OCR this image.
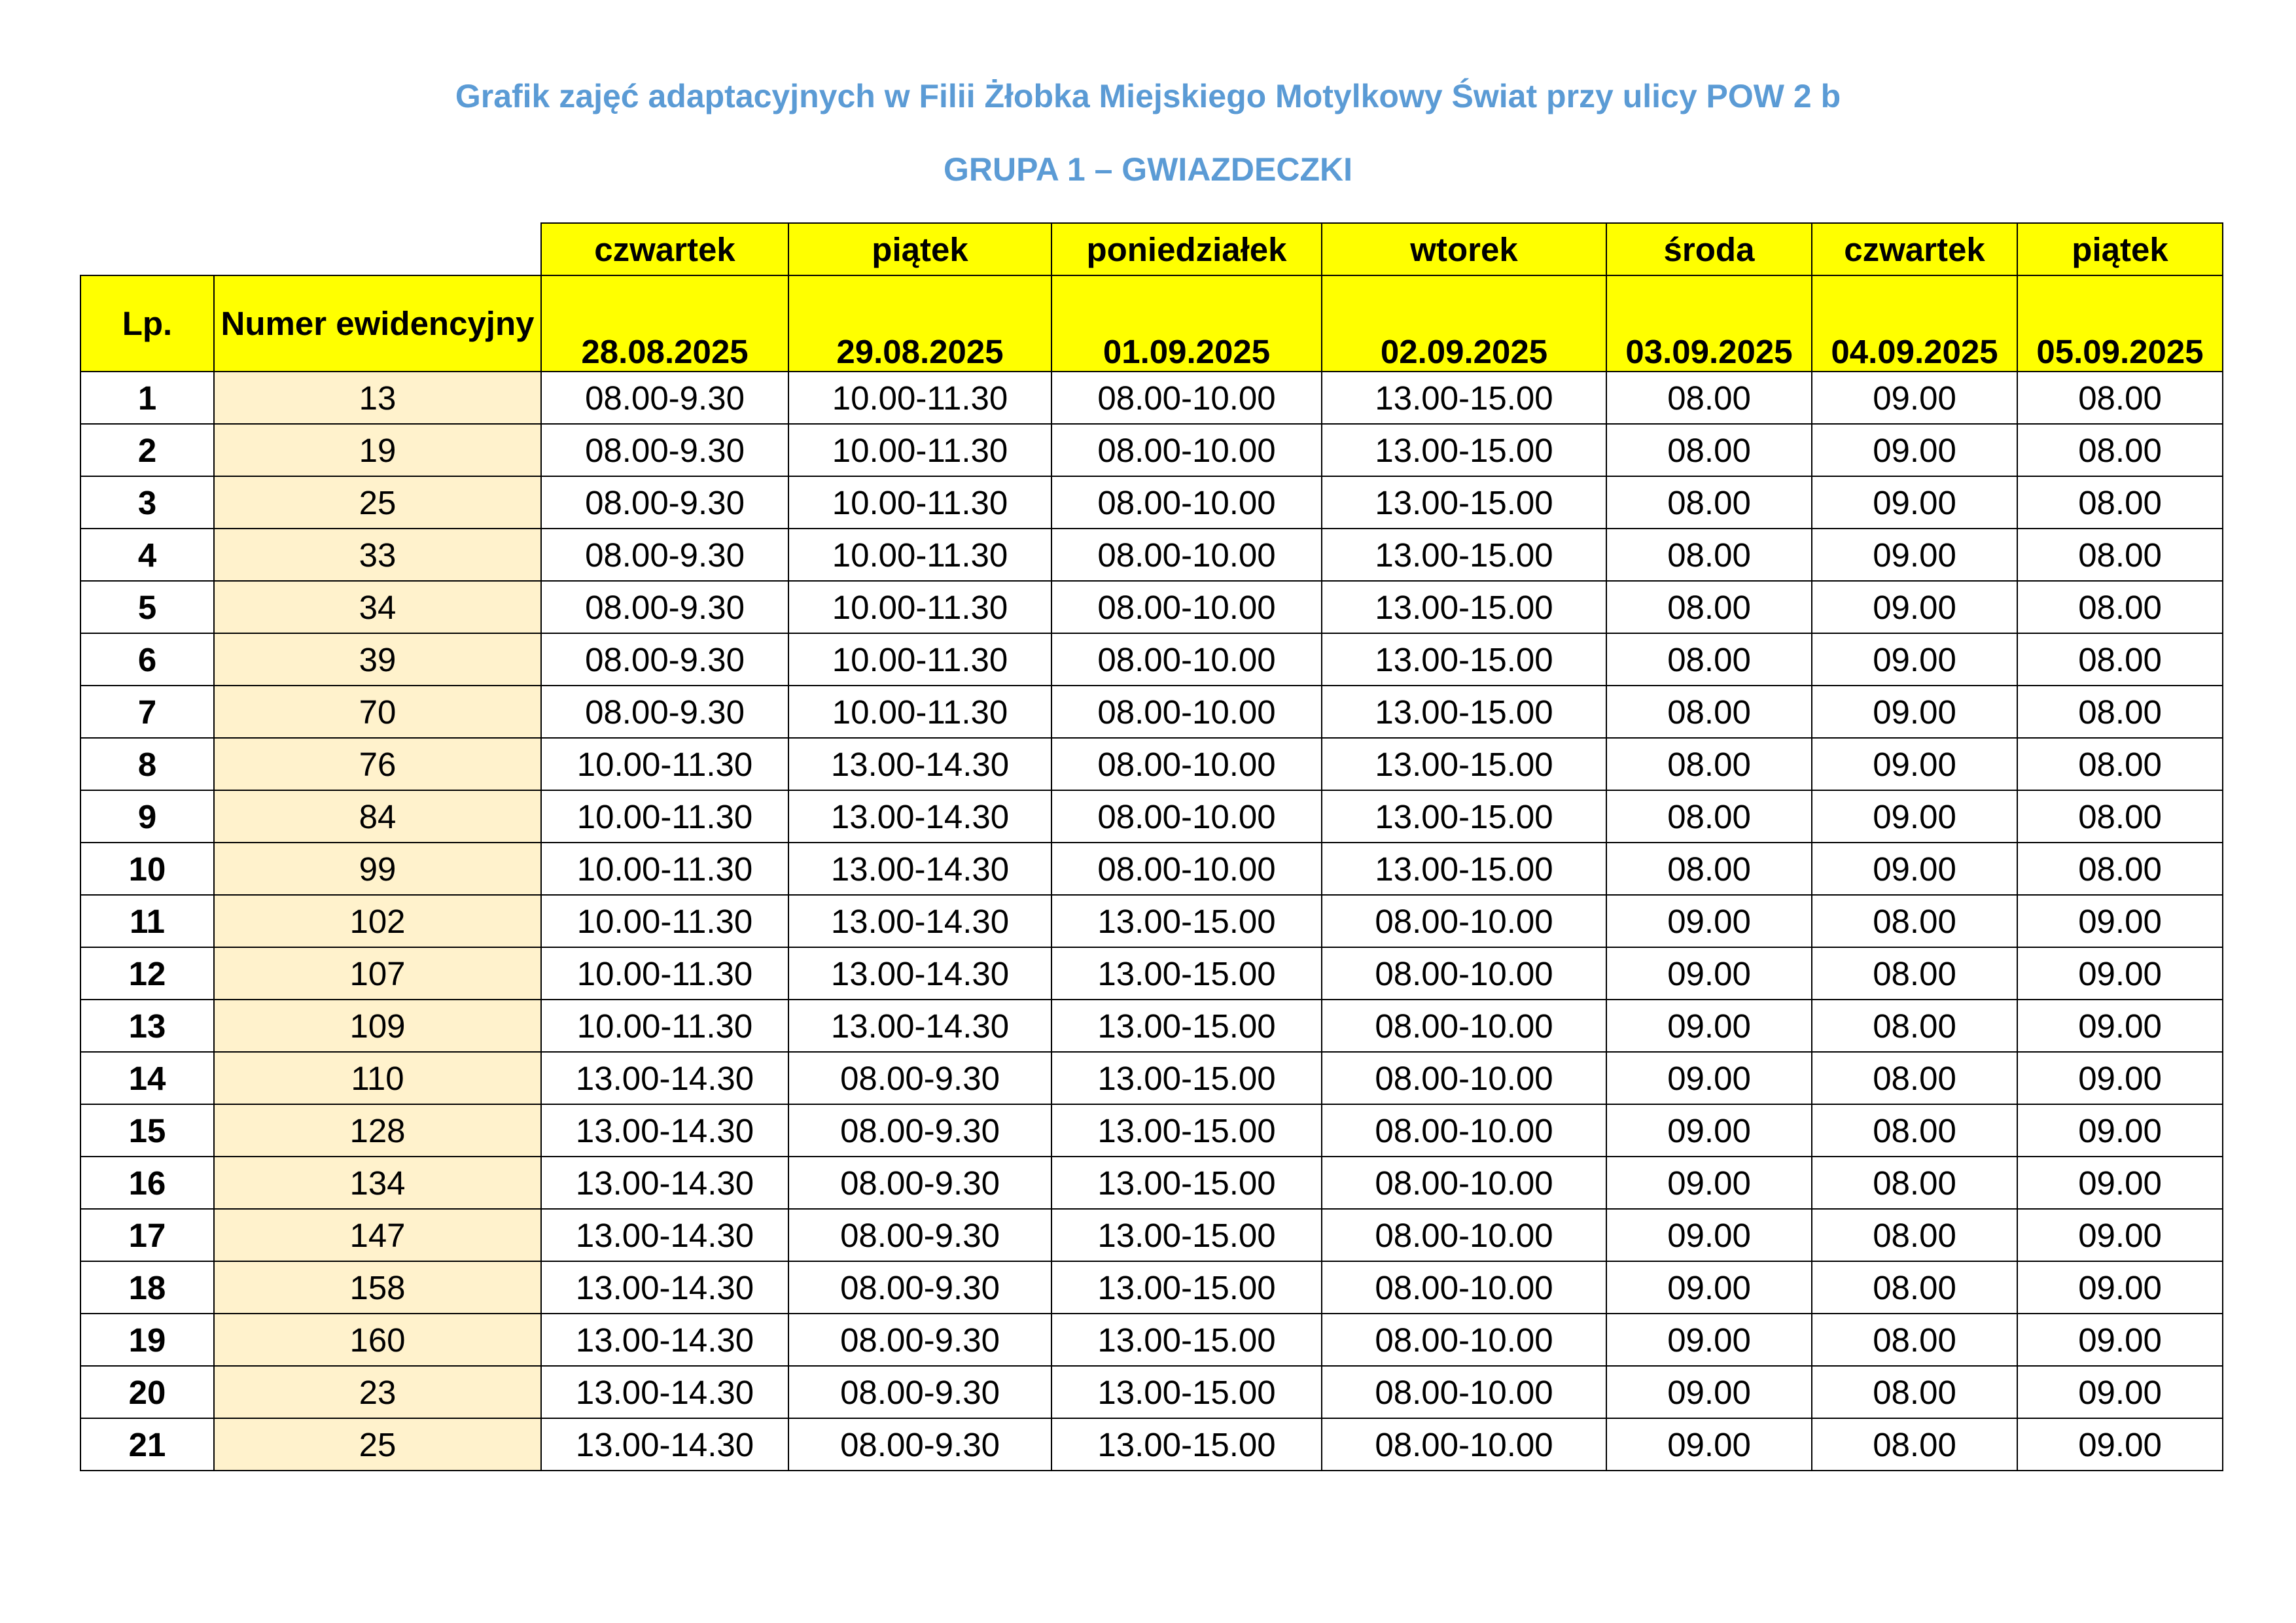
Grafik zajęć adaptacyjnych w Filii Żłobka Miejskiego Motylkowy Świat przy ulicy POW 2 b
GRUPA 1 – GWIAZDECZKI
		czwartek	piątek	poniedziałek	wtorek	środa	czwartek	piątek
Lp.	Numer ewidencyjny	28.08.2025	29.08.2025	01.09.2025	02.09.2025	03.09.2025	04.09.2025	05.09.2025
1	13	08.00-9.30	10.00-11.30	08.00-10.00	13.00-15.00	08.00	09.00	08.00
2	19	08.00-9.30	10.00-11.30	08.00-10.00	13.00-15.00	08.00	09.00	08.00
3	25	08.00-9.30	10.00-11.30	08.00-10.00	13.00-15.00	08.00	09.00	08.00
4	33	08.00-9.30	10.00-11.30	08.00-10.00	13.00-15.00	08.00	09.00	08.00
5	34	08.00-9.30	10.00-11.30	08.00-10.00	13.00-15.00	08.00	09.00	08.00
6	39	08.00-9.30	10.00-11.30	08.00-10.00	13.00-15.00	08.00	09.00	08.00
7	70	08.00-9.30	10.00-11.30	08.00-10.00	13.00-15.00	08.00	09.00	08.00
8	76	10.00-11.30	13.00-14.30	08.00-10.00	13.00-15.00	08.00	09.00	08.00
9	84	10.00-11.30	13.00-14.30	08.00-10.00	13.00-15.00	08.00	09.00	08.00
10	99	10.00-11.30	13.00-14.30	08.00-10.00	13.00-15.00	08.00	09.00	08.00
11	102	10.00-11.30	13.00-14.30	13.00-15.00	08.00-10.00	09.00	08.00	09.00
12	107	10.00-11.30	13.00-14.30	13.00-15.00	08.00-10.00	09.00	08.00	09.00
13	109	10.00-11.30	13.00-14.30	13.00-15.00	08.00-10.00	09.00	08.00	09.00
14	110	13.00-14.30	08.00-9.30	13.00-15.00	08.00-10.00	09.00	08.00	09.00
15	128	13.00-14.30	08.00-9.30	13.00-15.00	08.00-10.00	09.00	08.00	09.00
16	134	13.00-14.30	08.00-9.30	13.00-15.00	08.00-10.00	09.00	08.00	09.00
17	147	13.00-14.30	08.00-9.30	13.00-15.00	08.00-10.00	09.00	08.00	09.00
18	158	13.00-14.30	08.00-9.30	13.00-15.00	08.00-10.00	09.00	08.00	09.00
19	160	13.00-14.30	08.00-9.30	13.00-15.00	08.00-10.00	09.00	08.00	09.00
20	23	13.00-14.30	08.00-9.30	13.00-15.00	08.00-10.00	09.00	08.00	09.00
21	25	13.00-14.30	08.00-9.30	13.00-15.00	08.00-10.00	09.00	08.00	09.00
